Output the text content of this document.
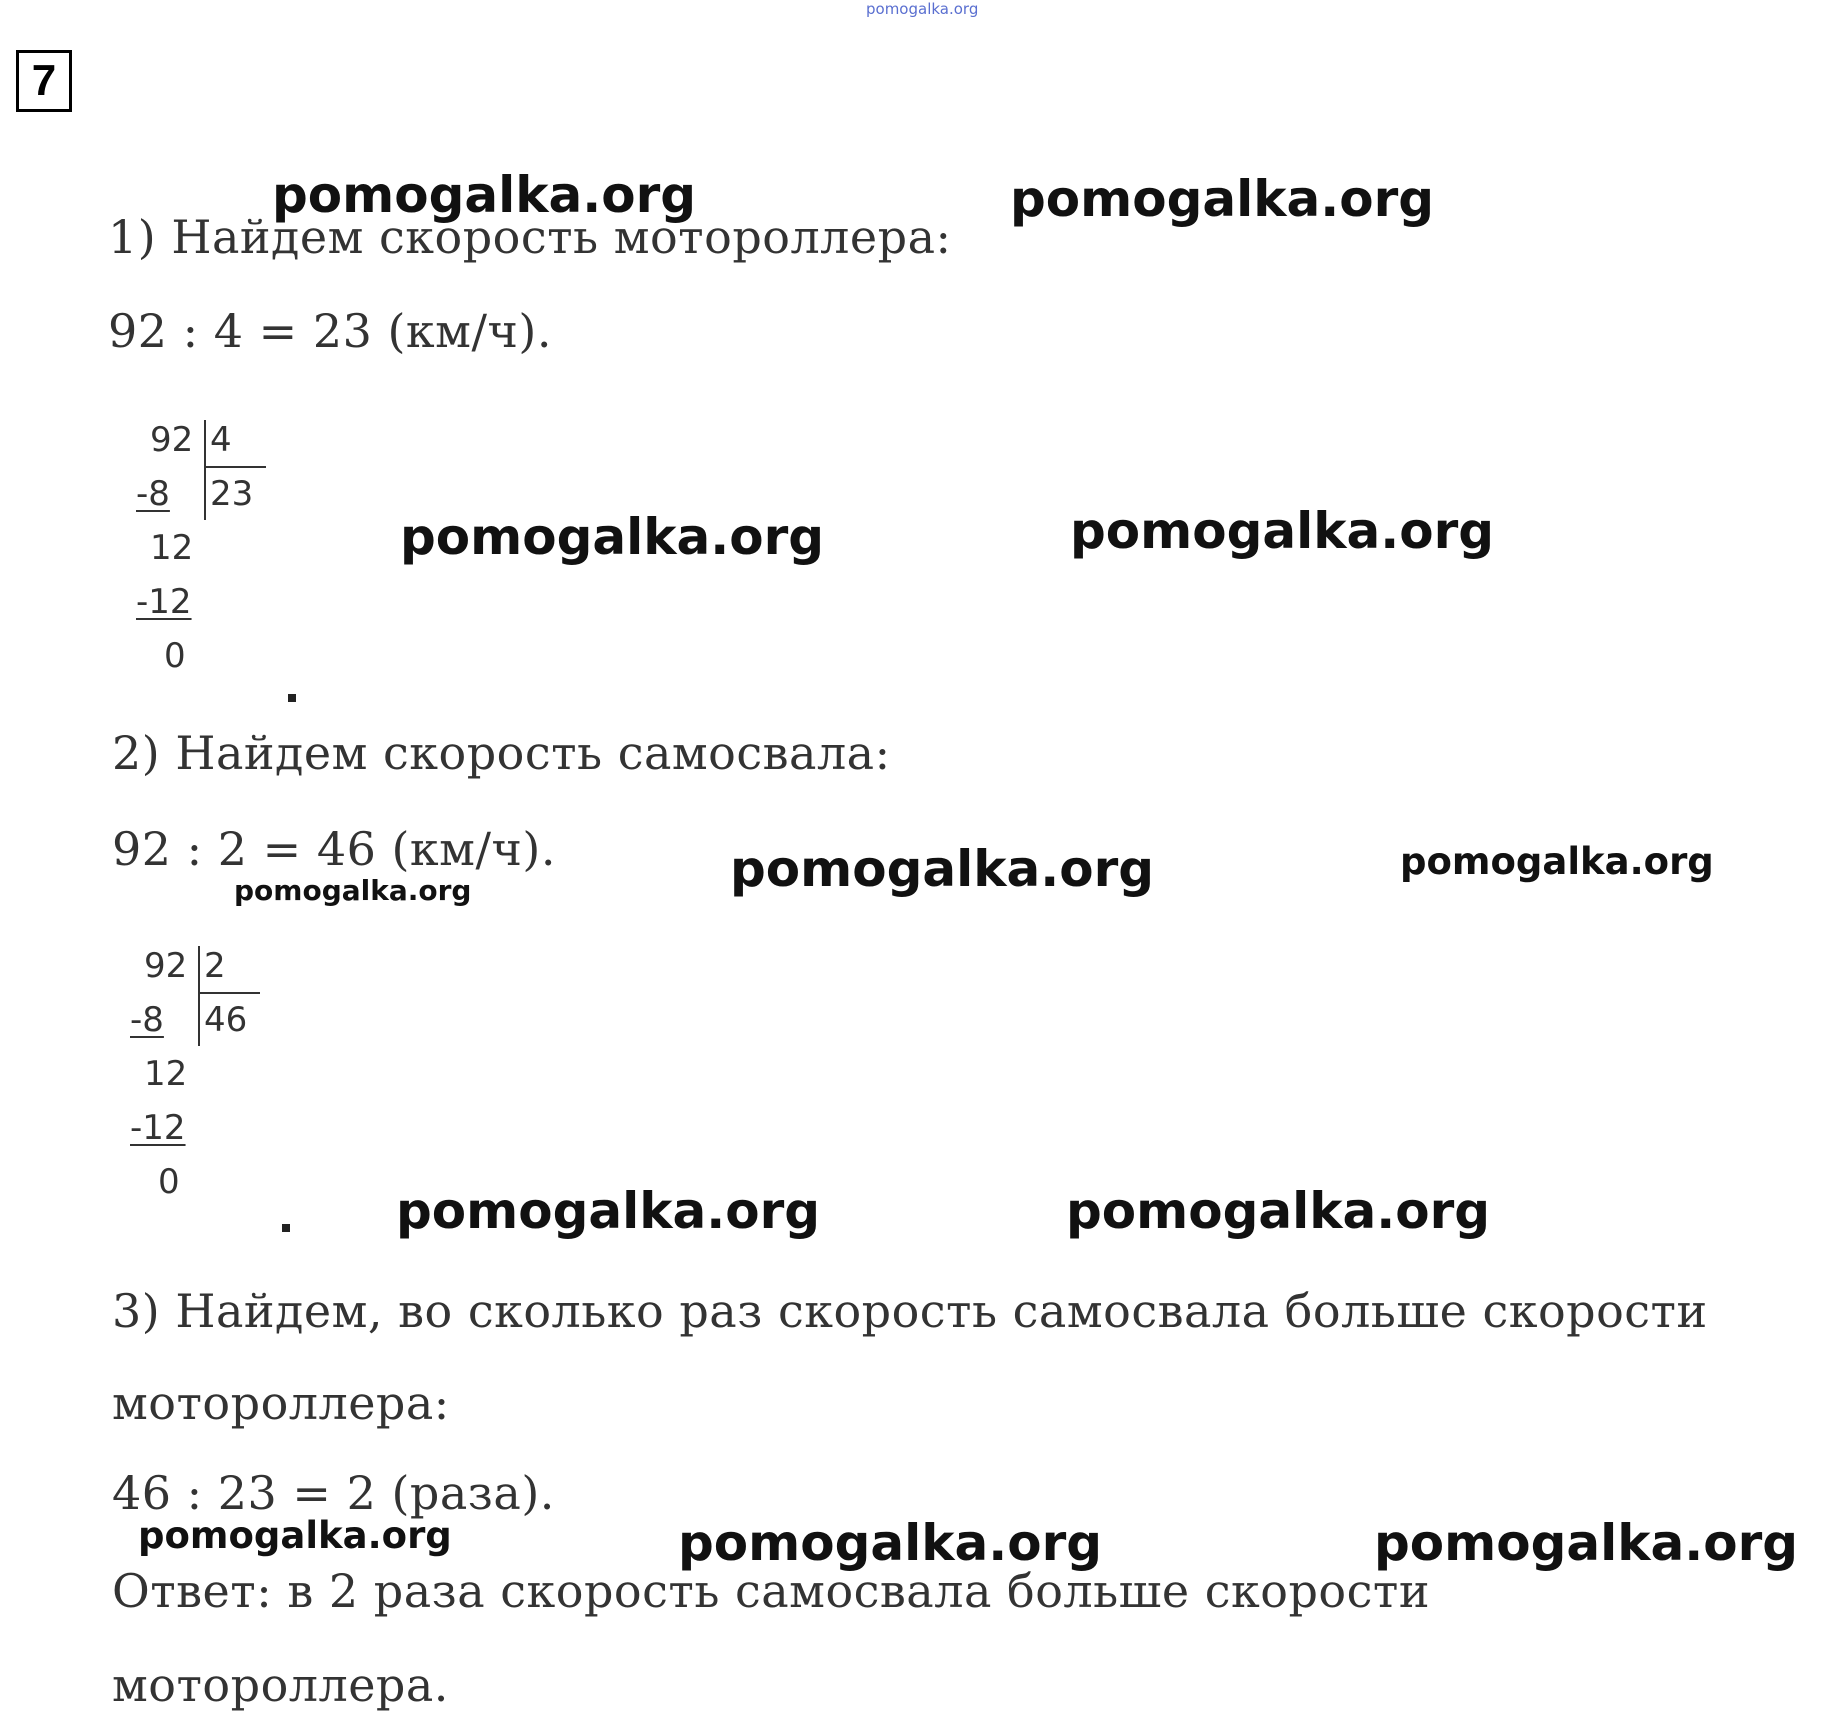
pomogalka.org
7
1) Найдем скорость мотороллера:
92 : 4 = 23 (км/ч).
92 4
-8 23
12
-12
0
2) Найдем скорость самосвала:
92 : 2 = 46 (км/ч).
92 2
-8 46
12
-12
0
3) Найдем, во сколько раз скорость самосвала больше скорости
мотороллера:
46 : 23 = 2 (раза).
Ответ: в 2 раза скорость самосвала больше скорости
мотороллера.
pomogalka.org	pomogalka.org
pomogalka.org	pomogalka.org
pomogalka.org	pomogalka.org
pomogalka.org
pomogalka.org	pomogalka.org
pomogalka.org	pomogalka.org	pomogalka.org
